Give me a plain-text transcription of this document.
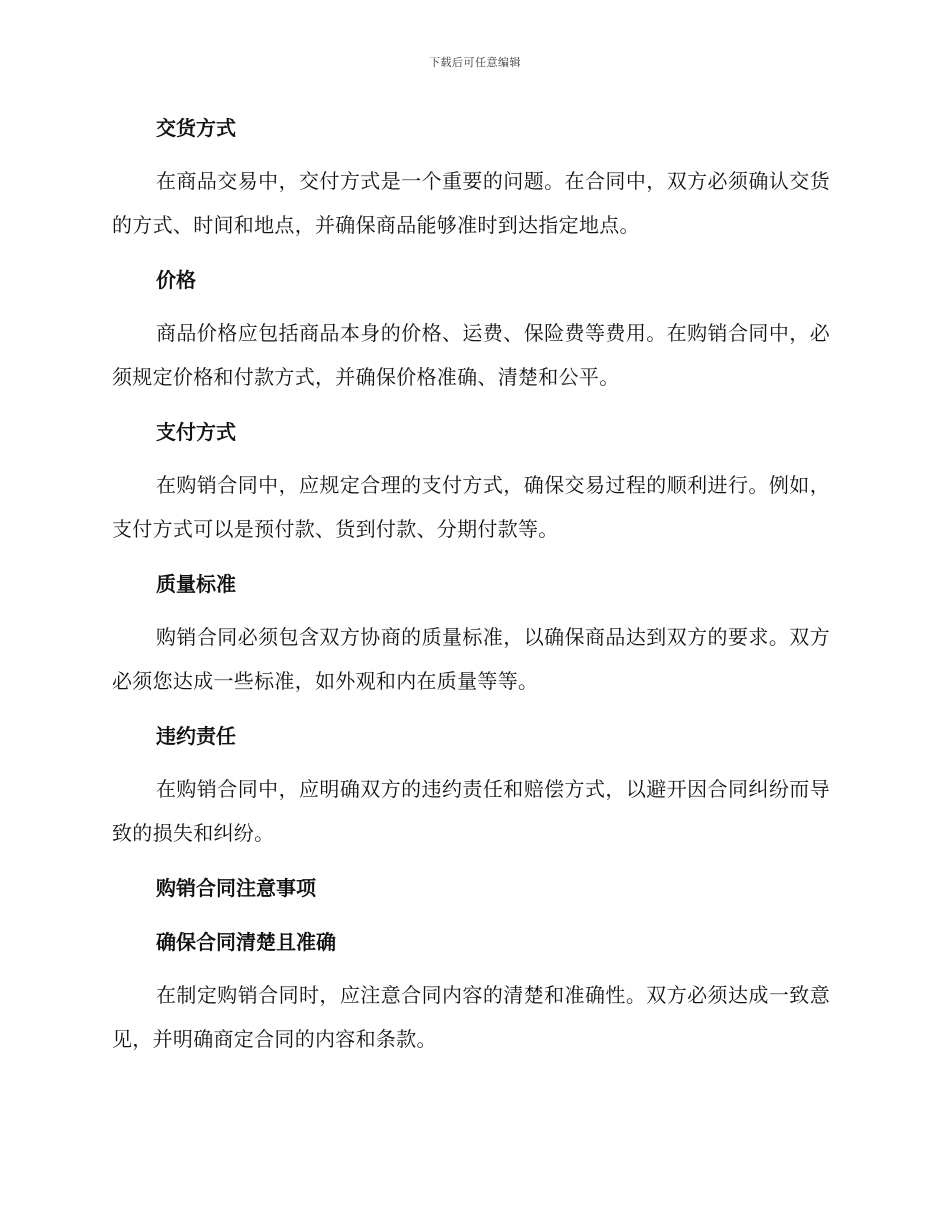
下载后可任意编辑
交货方式

在商品交易中，交付方式是一个重要的问题。在合同中，双方必须确认交货的方式、时间和地点，并确保商品能够准时到达指定地点。

价格

商品价格应包括商品本身的价格、运费、保险费等费用。在购销合同中，必须规定价格和付款方式，并确保价格准确、清楚和公平。

支付方式

在购销合同中，应规定合理的支付方式，确保交易过程的顺利进行。例如，支付方式可以是预付款、货到付款、分期付款等。

质量标准

购销合同必须包含双方协商的质量标准，以确保商品达到双方的要求。双方必须您达成一些标准，如外观和内在质量等等。

违约责任

在购销合同中，应明确双方的违约责任和赔偿方式，以避开因合同纠纷而导致的损失和纠纷。

购销合同注意事项
确保合同清楚且准确

在制定购销合同时，应注意合同内容的清楚和准确性。双方必须达成一致意见，并明确商定合同的内容和条款。
